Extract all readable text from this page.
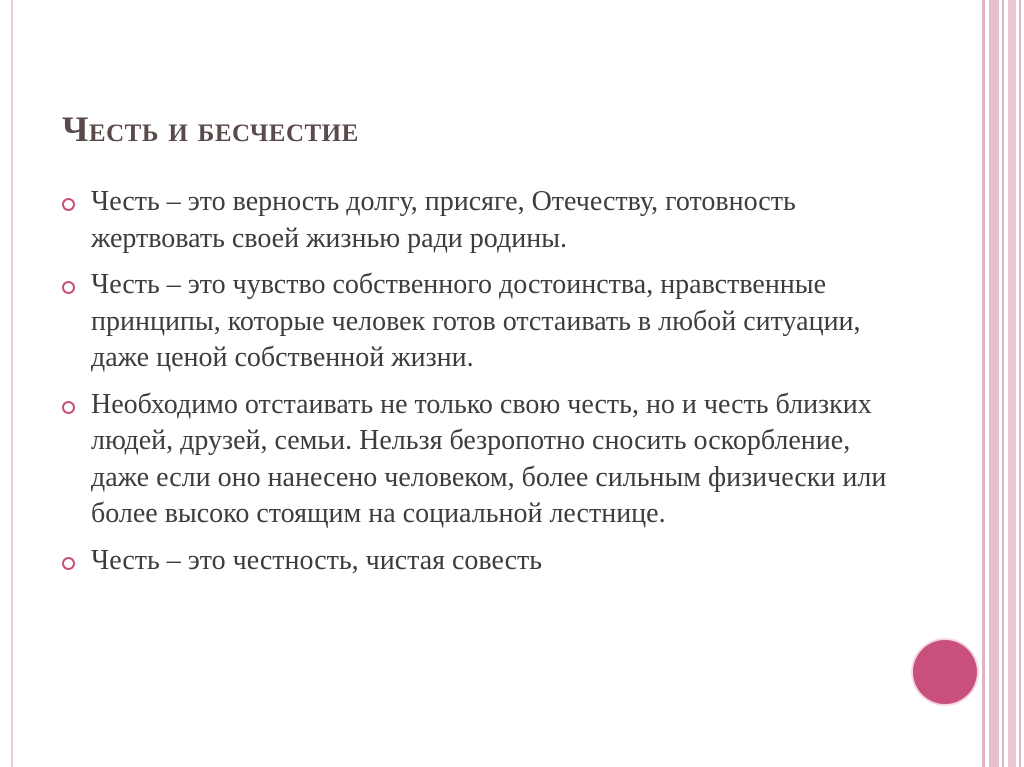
Честь и бесчестие
Честь – это верность долгу, присяге, Отечеству, готовность жертвовать своей жизнью ради родины.
Честь – это чувство собственного достоинства, нравственные принципы, которые человек готов отстаивать в любой ситуации, даже ценой собственной жизни.
Необходимо отстаивать не только свою честь, но и честь близких людей, друзей, семьи. Нельзя безропотно сносить оскорбление, даже если оно нанесено человеком, более сильным физически или более высоко стоящим на социальной лестнице.
Честь – это честность, чистая совесть
